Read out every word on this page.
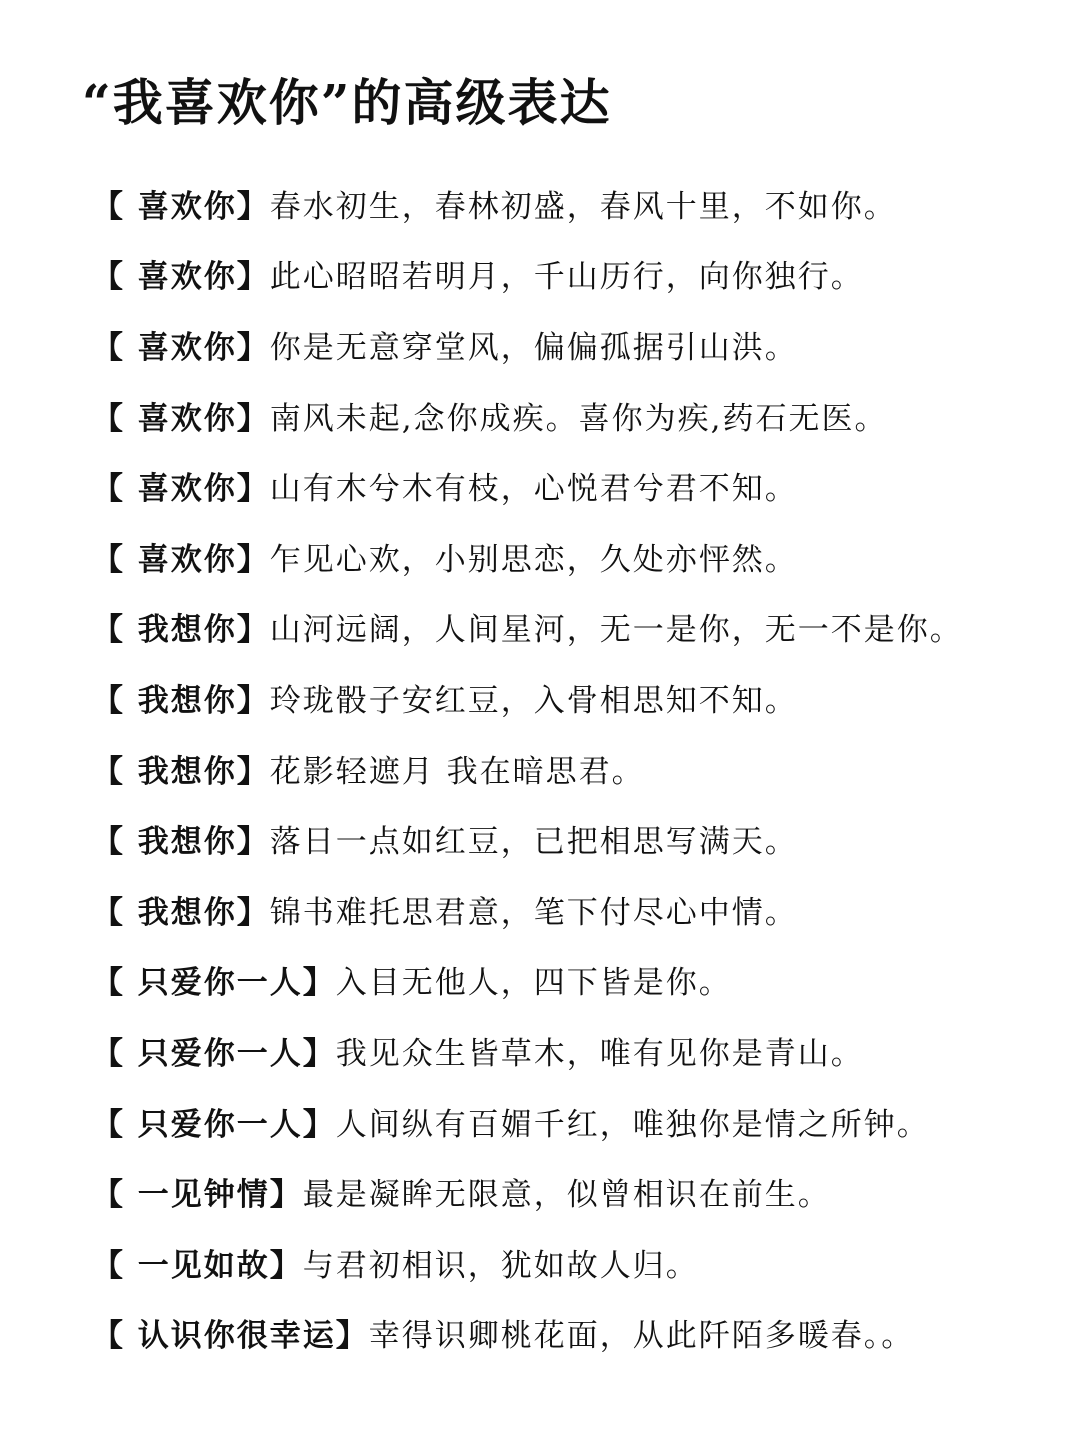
“我喜欢你”的高级表达
【 喜欢你】 春水初生，春林初盛，春风十里，不如你。
【 喜欢你】 此心昭昭若明月，千山历行，向你独行。
【 喜欢你】 你是无意穿堂风，偏偏孤据引山洪。
【 喜欢你】 南风未起,念你成疾。喜你为疾,药石无医。
【 喜欢你】 山有木兮木有枝，心悦君兮君不知。
【 喜欢你】 乍见心欢，小别思恋，久处亦怦然。
【 我想你】 山河远阔，人间星河，无一是你，无一不是你。
【 我想你】 玲珑骰子安红豆，入骨相思知不知。
【 我想你】 花影轻遮月 我在暗思君。
【 我想你】 落日一点如红豆，已把相思写满天。
【 我想你】 锦书难托思君意，笔下付尽心中情。
【 只爱你一人】 入目无他人，四下皆是你。
【 只爱你一人】 我见众生皆草木，唯有见你是青山。
【 只爱你一人】 人间纵有百媚千红，唯独你是情之所钟。
【 一见钟情】 最是凝眸无限意，似曾相识在前生。
【 一见如故】 与君初相识，犹如故人归。
【 认识你很幸运】 幸得识卿桃花面，从此阡陌多暖春。。
